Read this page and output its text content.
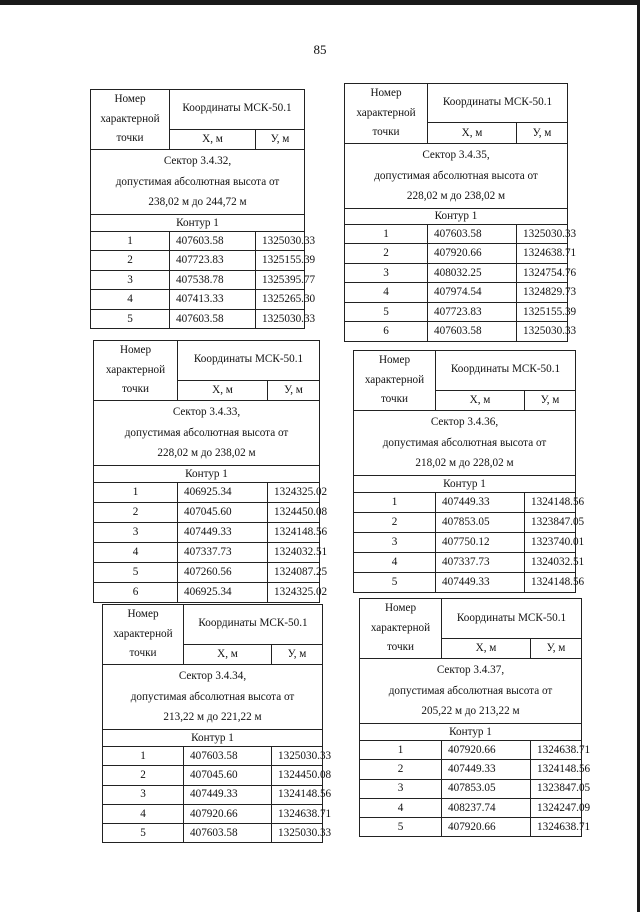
85
Номер характерной точки	Координаты МСК-50.1	
	X, м	У, м
Сектор 3.4.32,
допустимая абсолютная высота от
238,02 м до 244,72 м		
Контур 1		
1	407603.58	1325030.33
2	407723.83	1325155.39
3	407538.78	1325395.77
4	407413.33	1325265.30
5	407603.58	1325030.33
Номер характерной точки	Координаты МСК-50.1	
	X, м	У, м
Сектор 3.4.35,
допустимая абсолютная высота от
228,02 м до 238,02 м		
Контур 1		
1	407603.58	1325030.33
2	407920.66	1324638.71
3	408032.25	1324754.76
4	407974.54	1324829.73
5	407723.83	1325155.39
6	407603.58	1325030.33
Номер характерной точки	Координаты МСК-50.1	
	X, м	У, м
Сектор 3.4.33,
допустимая абсолютная высота от
228,02 м до 238,02 м		
Контур 1		
1	406925.34	1324325.02
2	407045.60	1324450.08
3	407449.33	1324148.56
4	407337.73	1324032.51
5	407260.56	1324087.25
6	406925.34	1324325.02
Номер характерной точки	Координаты МСК-50.1	
	X, м	У, м
Сектор 3.4.36,
допустимая абсолютная высота от
218,02 м до 228,02 м		
Контур 1		
1	407449.33	1324148.56
2	407853.05	1323847.05
3	407750.12	1323740.01
4	407337.73	1324032.51
5	407449.33	1324148.56
Номер характерной точки	Координаты МСК-50.1	
	X, м	У, м
Сектор 3.4.34,
допустимая абсолютная высота от
213,22 м до 221,22 м		
Контур 1		
1	407603.58	1325030.33
2	407045.60	1324450.08
3	407449.33	1324148.56
4	407920.66	1324638.71
5	407603.58	1325030.33
Номер характерной точки	Координаты МСК-50.1	
	X, м	У, м
Сектор 3.4.37,
допустимая абсолютная высота от
205,22 м до 213,22 м		
Контур 1		
1	407920.66	1324638.71
2	407449.33	1324148.56
3	407853.05	1323847.05
4	408237.74	1324247.09
5	407920.66	1324638.71
